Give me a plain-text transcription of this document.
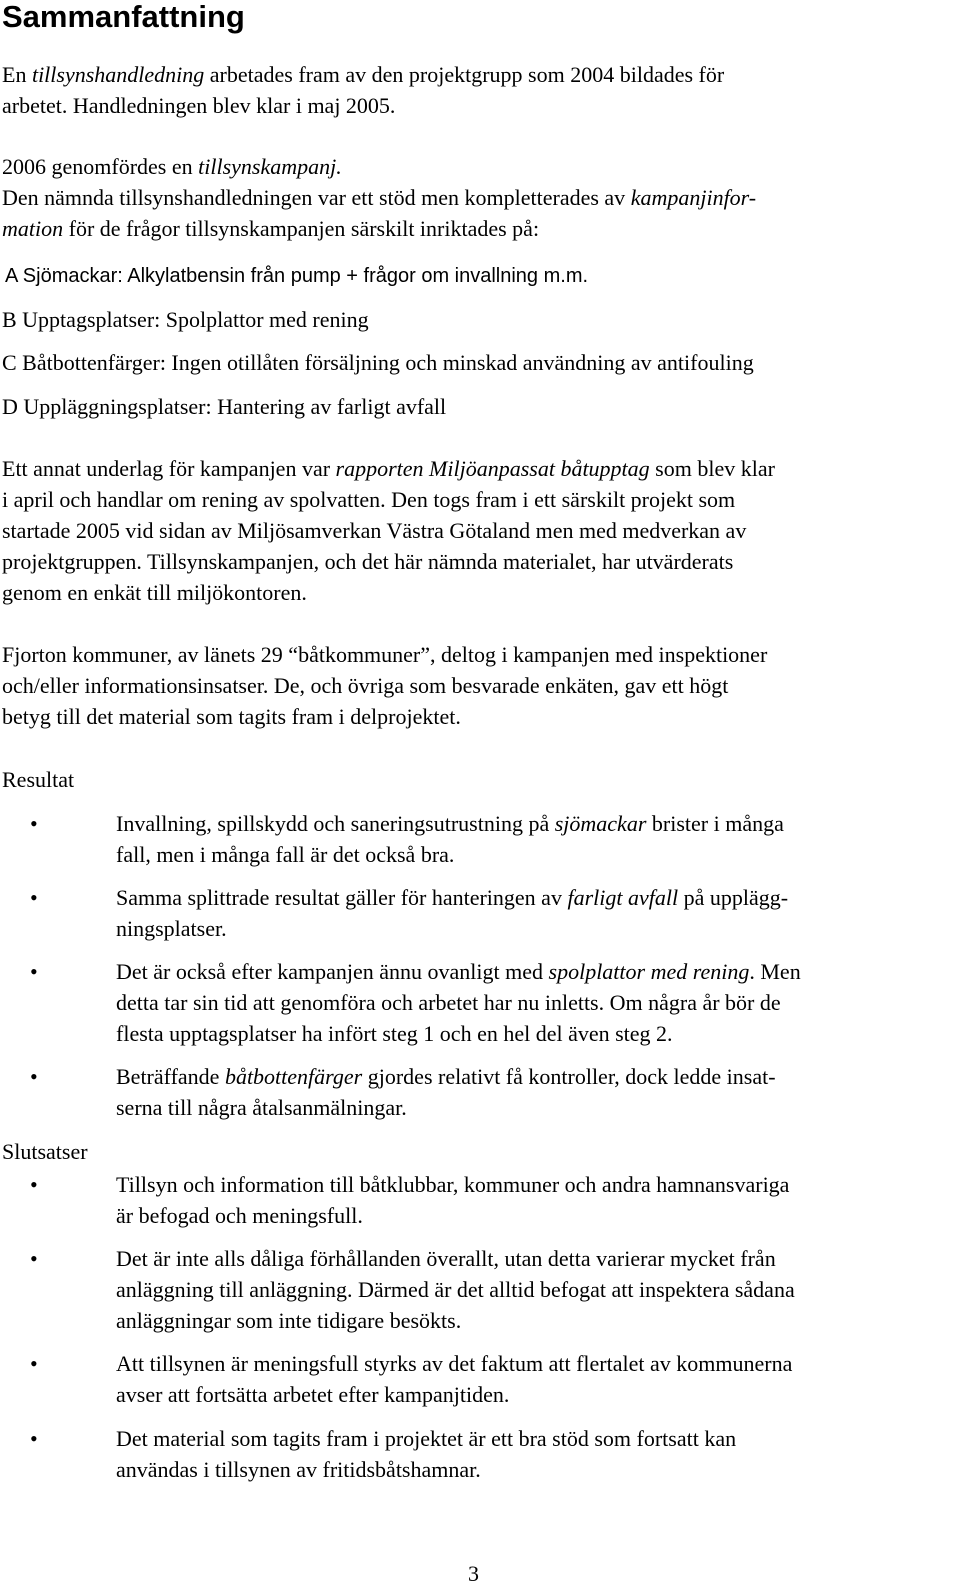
Sammanfattning

En tillsynshandledning arbetades fram av den projektgrupp som 2004 bildades för

arbetet. Handledningen blev klar i maj 2005.

2006 genomfördes en tillsynskampanj.

Den nämnda tillsynshandledningen var ett stöd men kompletterades av kampanjinfor-

mation för de frågor tillsynskampanjen särskilt inriktades på:

A Sjömackar: Alkylatbensin från pump + frågor om invallning m.m.

B Upptagsplatser: Spolplattor med rening

C Båtbottenfärger: Ingen otillåten försäljning och minskad användning av antifouling

D Uppläggningsplatser: Hantering av farligt avfall

Ett annat underlag för kampanjen var rapporten Miljöanpassat båtupptag som blev klar

i april och handlar om rening av spolvatten. Den togs fram i ett särskilt projekt som

startade 2005 vid sidan av Miljösamverkan Västra Götaland men med medverkan av

projektgruppen. Tillsynskampanjen, och det här nämnda materialet, har utvärderats

genom en enkät till miljökontoren.

Fjorton kommuner, av länets 29 “båtkommuner”, deltog i kampanjen med inspektioner

och/eller informationsinsatser. De, och övriga som besvarade enkäten, gav ett högt

betyg till det material som tagits fram i delprojektet.

Resultat

•	Invallning, spillskydd och saneringsutrustning på sjömackar brister i många

fall, men i många fall är det också bra.

•	Samma splittrade resultat gäller för hanteringen av farligt avfall på upplägg-

ningsplatser.

•	Det är också efter kampanjen ännu ovanligt med spolplattor med rening. Men

detta tar sin tid att genomföra och arbetet har nu inletts. Om några år bör de

flesta upptagsplatser ha infört steg 1 och en hel del även steg 2.

•	Beträffande båtbottenfärger gjordes relativt få kontroller, dock ledde insat-

serna till några åtalsanmälningar.

Slutsatser

•	Tillsyn och information till båtklubbar, kommuner och andra hamnansvariga

är befogad och meningsfull.

•	Det är inte alls dåliga förhållanden överallt, utan detta varierar mycket från

anläggning till anläggning. Därmed är det alltid befogat att inspektera sådana

anläggningar som inte tidigare besökts.

•	Att tillsynen är meningsfull styrks av det faktum att flertalet av kommunerna

avser att fortsätta arbetet efter kampanjtiden.

•	Det material som tagits fram i projektet är ett bra stöd som fortsatt kan

användas i tillsynen av fritidsbåtshamnar.

3
